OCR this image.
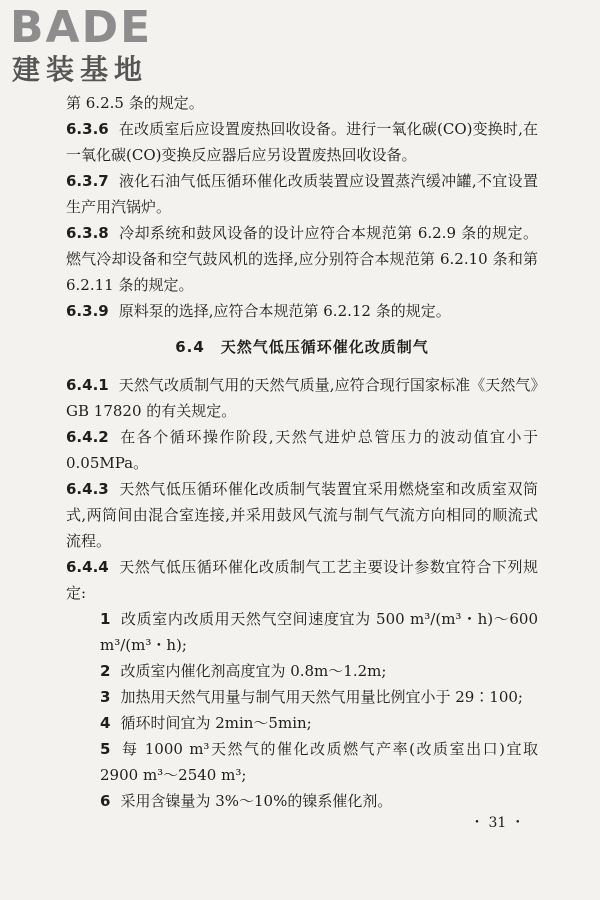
BADE
建装基地

第 6.2.5 条的规定。

6.3.6 在改质室后应设置废热回收设备。进行一氧化碳(CO)变换时,在一氧化碳(CO)变换反应器后应另设置废热回收设备。

6.3.7 液化石油气低压循环催化改质装置应设置蒸汽缓冲罐,不宜设置生产用汽锅炉。

6.3.8 冷却系统和鼓风设备的设计应符合本规范第 6.2.9 条的规定。燃气冷却设备和空气鼓风机的选择,应分别符合本规范第 6.2.10 条和第 6.2.11 条的规定。

6.3.9 原料泵的选择,应符合本规范第 6.2.12 条的规定。

6.4　天然气低压循环催化改质制气

6.4.1 天然气改质制气用的天然气质量,应符合现行国家标准《天然气》GB 17820 的有关规定。

6.4.2 在各个循环操作阶段,天然气进炉总管压力的波动值宜小于 0.05MPa。

6.4.3 天然气低压循环催化改质制气装置宜采用燃烧室和改质室双筒式,两筒间由混合室连接,并采用鼓风气流与制气气流方向相同的顺流式流程。

6.4.4 天然气低压循环催化改质制气工艺主要设计参数宜符合下列规定:

1 改质室内改质用天然气空间速度宜为 500 m³/(m³・h)～600 m³/(m³・h);

2 改质室内催化剂高度宜为 0.8m～1.2m;

3 加热用天然气用量与制气用天然气用量比例宜小于 29∶100;

4 循环时间宜为 2min～5min;

5 每 1000 m³天然气的催化改质燃气产率(改质室出口)宜取 2900 m³～2540 m³;

6 采用含镍量为 3%～10%的镍系催化剂。

・ 31 ・
